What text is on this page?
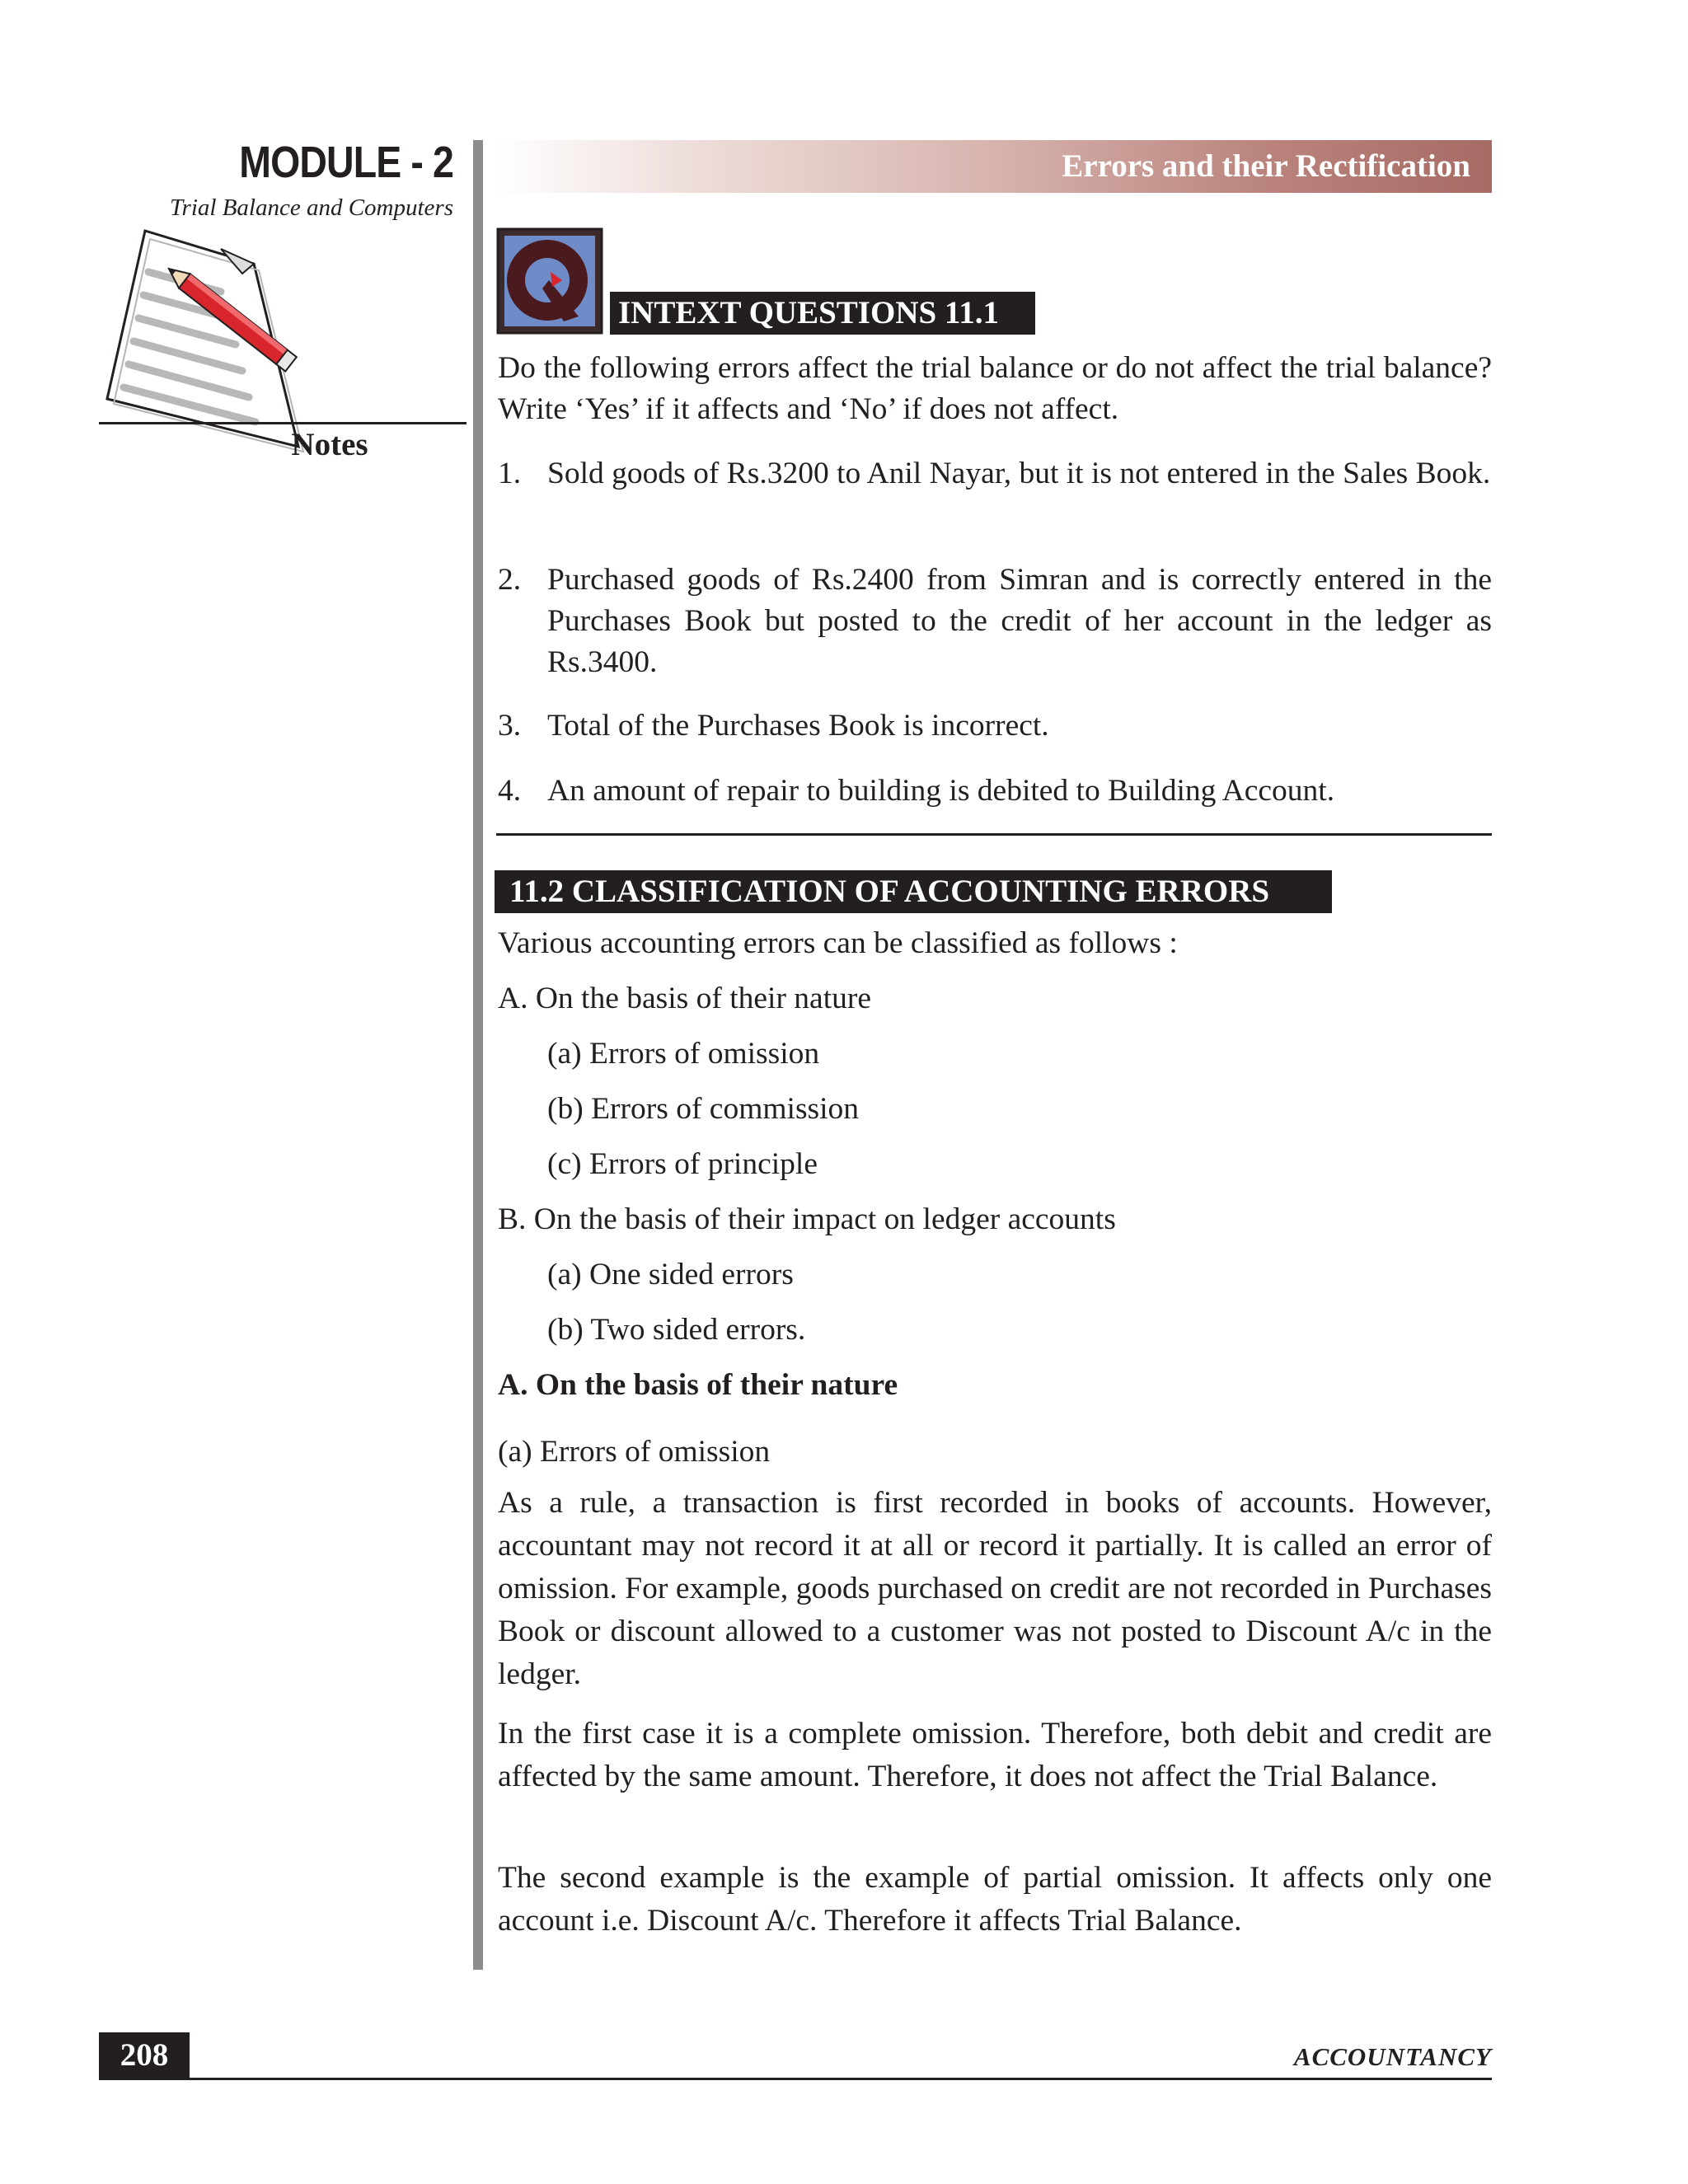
MODULE - 2
Trial Balance and Computers
Notes
Errors and their Rectification
INTEXT QUESTIONS 11.1
Do the following errors affect the trial balance or do not affect the trial balance? Write ‘Yes’ if it affects and ‘No’ if does not affect.
1. Sold goods of Rs.3200 to Anil Nayar, but it is not entered in the Sales Book.
2. Purchased goods of Rs.2400 from Simran and is correctly entered in the Purchases Book but posted to the credit of her account in the ledger as Rs.3400.
3. Total of the Purchases Book is incorrect.
4. An amount of repair to building is debited to Building Account.
11.2 CLASSIFICATION OF ACCOUNTING ERRORS
Various accounting errors can be classified as follows :
A. On the basis of their nature
(a) Errors of omission
(b) Errors of commission
(c) Errors of principle
B. On the basis of their impact on ledger accounts
(a) One sided errors
(b) Two sided errors.
A. On the basis of their nature
(a) Errors of omission
As a rule, a transaction is first recorded in books of accounts. However, accountant may not record it at all or record it partially. It is called an error of omission. For example, goods purchased on credit are not recorded in Purchases Book or discount allowed to a customer was not posted to Discount A/c in the ledger.
In the first case it is a complete omission. Therefore, both debit and credit are affected by the same amount. Therefore, it does not affect the Trial Balance.
The second example is the example of partial omission. It affects only one account i.e. Discount A/c. Therefore it affects Trial Balance.
208	ACCOUNTANCY
